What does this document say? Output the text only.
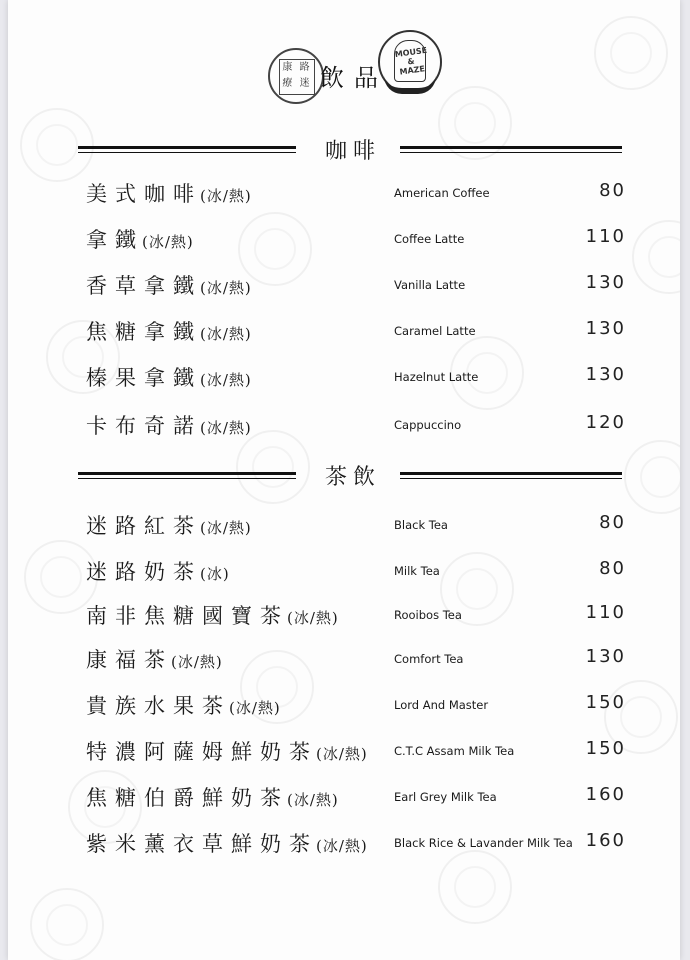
康 路 療 迷 飲品
MOUSE & MAZE
咖啡
美式咖啡(冰/熱)	American Coffee	80
拿鐵(冰/熱)	Coffee Latte	110
香草拿鐵(冰/熱)	Vanilla Latte	130
焦糖拿鐵(冰/熱)	Caramel Latte	130
榛果拿鐵(冰/熱)	Hazelnut Latte	130
卡布奇諾(冰/熱)	Cappuccino	120
茶飲
迷路紅茶(冰/熱)	Black Tea	80
迷路奶茶(冰)	Milk Tea	80
南非焦糖國寶茶(冰/熱)	Rooibos Tea	110
康福茶(冰/熱)	Comfort Tea	130
貴族水果茶(冰/熱)	Lord And Master	150
特濃阿薩姆鮮奶茶(冰/熱) C.T.C Assam Milk Tea	150
焦糖伯爵鮮奶茶(冰/熱)	Earl Grey Milk Tea	160
紫米薰衣草鮮奶茶(冰/熱) Black Rice & Lavander Milk Tea 160
